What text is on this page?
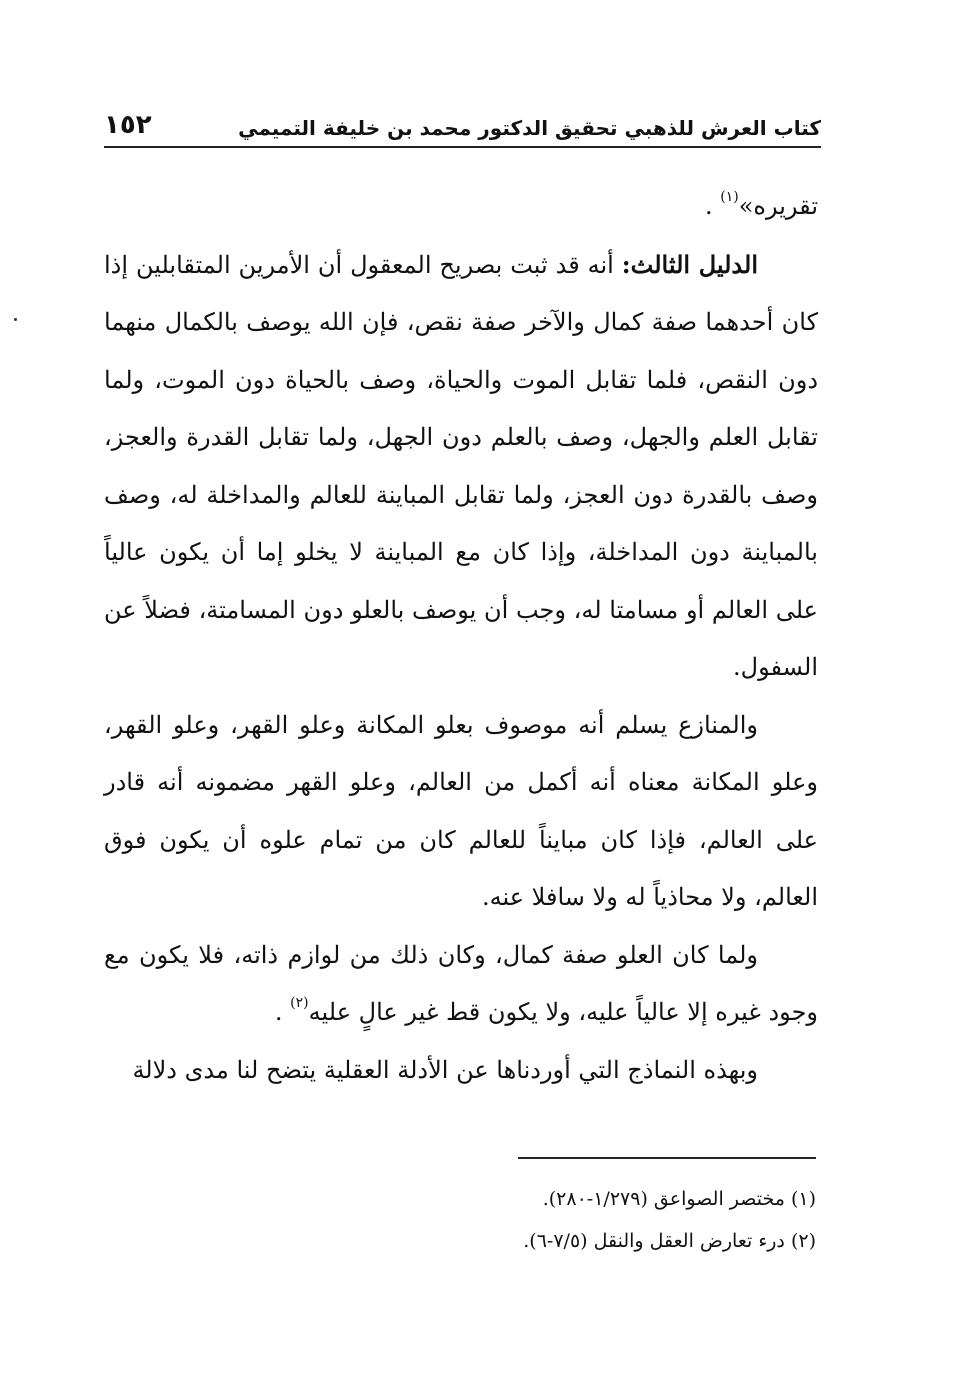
كتاب العرش للذهبي تحقيق الدكتور محمد بن خليفة التميمي
١٥٢

تقريره»$^{(١)}$ .

الدليل الثالث: أنه قد ثبت بصريح المعقول أن الأمرين المتقابلين إذا كان أحدهما صفة كمال والآخر صفة نقص، فإن الله يوصف بالكمال منهما دون النقص، فلما تقابل الموت والحياة، وصف بالحياة دون الموت، ولما تقابل العلم والجهل، وصف بالعلم دون الجهل، ولما تقابل القدرة والعجز، وصف بالقدرة دون العجز، ولما تقابل المباينة للعالم والمداخلة له، وصف بالمباينة دون المداخلة، وإذا كان مع المباينة لا يخلو إما أن يكون عالياً على العالم أو مسامتا له، وجب أن يوصف بالعلو دون المسامتة، فضلاً عن السفول.

والمنازع يسلم أنه موصوف بعلو المكانة وعلو القهر، وعلو القهر، وعلو المكانة معناه أنه أكمل من العالم، وعلو القهر مضمونه أنه قادر على العالم، فإذا كان مبايناً للعالم كان من تمام علوه أن يكون فوق العالم، ولا محاذياً له ولا سافلا عنه.

ولما كان العلو صفة كمال، وكان ذلك من لوازم ذاته، فلا يكون مع وجود غيره إلا عالياً عليه، ولا يكون قط غير عالٍ عليه$^{(٢)}$ .

وبهذه النماذج التي أوردناها عن الأدلة العقلية يتضح لنا مدى دلالة

(١) مختصر الصواعق (١/٢٧٩-٢٨٠).

(٢) درء تعارض العقل والنقل (٧/٥-٦).
